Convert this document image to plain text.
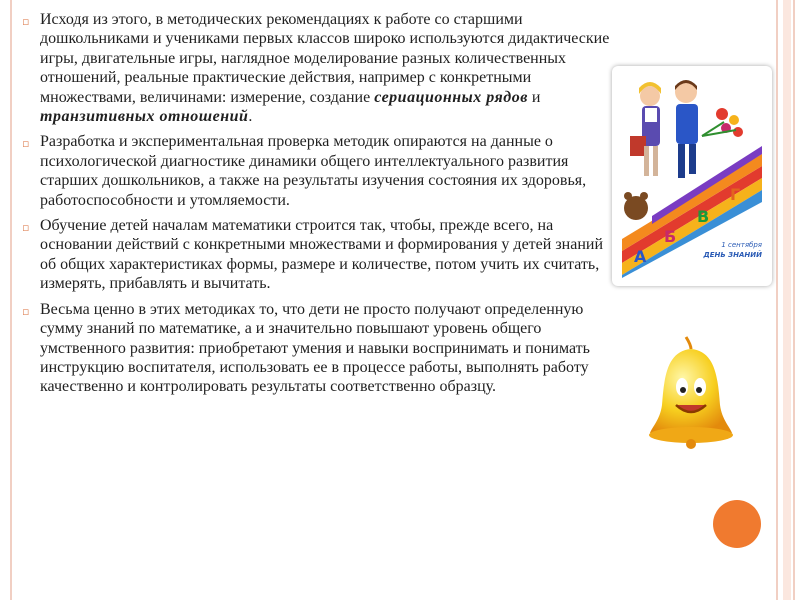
▫ Исходя из этого, в методических рекомендациях к работе со старшими дошкольниками и учениками первых классов широко используются дидактические игры, двигательные игры, наглядное моделирование разных количественных отношений, реальные практические действия, например с конкретными множествами, величинами: измерение, создание сериационных рядов и транзитивных отношений.
▫ Разработка и экспериментальная проверка методик опираются на данные о психологической диагностике динамики общего интеллектуального развития старших дошкольников, а также на результаты изучения состояния их здоровья, работоспособности и утомляемости.
▫ Обучение детей началам математики строится так, чтобы, прежде всего, на основании действий с конкретными множествами и формирования у детей знаний об общих характеристиках формы, размере и количестве, потом учить их считать, измерять, прибавлять и вычитать.
▫ Весьма ценно в этих методиках то, что дети не просто получают определенную сумму знаний по математике, а и значительно повышают уровень общего умственного развития: приобретают умения и навыки воспринимать и понимать инструкцию воспитателя, использовать ее в процессе работы, выполнять работу качественно и контролировать результаты соответственно образцу.
А
Б
В
Г
1 сентября
ДЕНЬ ЗНАНИЙ
